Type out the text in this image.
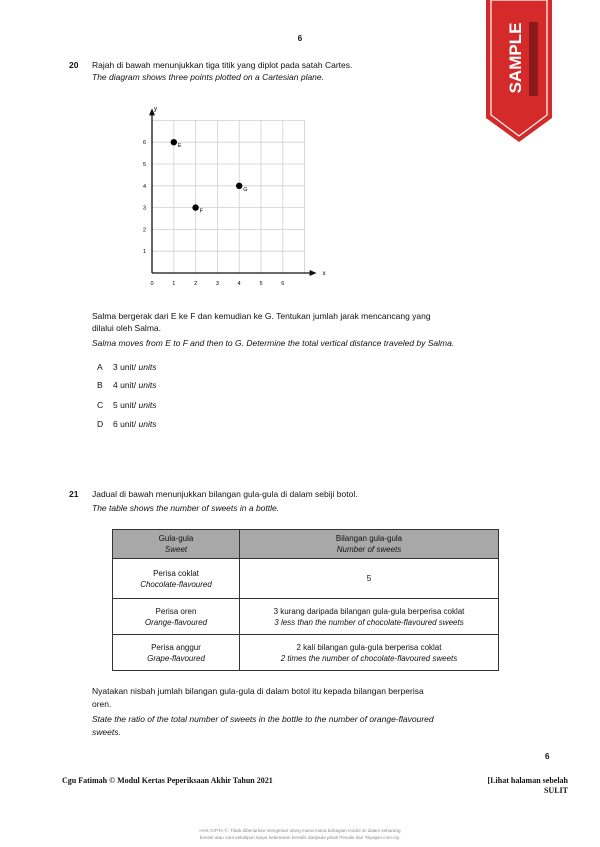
6	SAMPLE
20 Rajah di bawah menunjukkan tiga titik yang diplot pada satah Cartes.
The diagram shows three points plotted on a Cartesian plane.
x
y
0	1	2	3	4	5	6
1
2
3
4
5
6	E
F
G
Salma bergerak dari E ke F dan kemudian ke G. Tentukan jumlah jarak mencancang yang
dilalui oleh Salma.
Salma moves from E to F and then to G. Determine the total vertical distance traveled by Salma.
A 3 unit/ units
B 4 unit/ units
C 5 unit/ units
D 6 unit/ units
21 Jadual di bawah menunjukkan bilangan gula-gula di dalam sebiji botol.
The table shows the number of sweets in a bottle.
Gula-gula
Sweet	Bilangan gula-gula
Number of sweets

Perisa coklat
Chocolate-flavoured	5
Perisa oren
Orange-flavoured	3 kurang daripada bilangan gula-gula berperisa coklat
3 less than the number of chocolate-flavoured sweets

Perisa anggur
Grape-flavoured	2 kali bilangan gula-gula berperisa coklat
2 times the number of chocolate-flavoured sweets
Nyatakan nisbah jumlah bilangan gula-gula di dalam botol itu kepada bilangan berperisa
oren.
State the ratio of the total number of sweets in the bottle to the number of orange-flavoured
sweets.
6
Cgu Fatimah © Modul Kertas Peperiksaan Akhir Tahun 2021	[Lihat halaman sebelah
SULIT
HAK CIPTA ©. Tidak dibenarkan mengeluar ulang mana-mana bahagian modul ini dalam sebarang
bentuk atau cara sekalipun tanpa kebenaran bertulis daripada pihak Penulis dan Tikpaper.com.my.
